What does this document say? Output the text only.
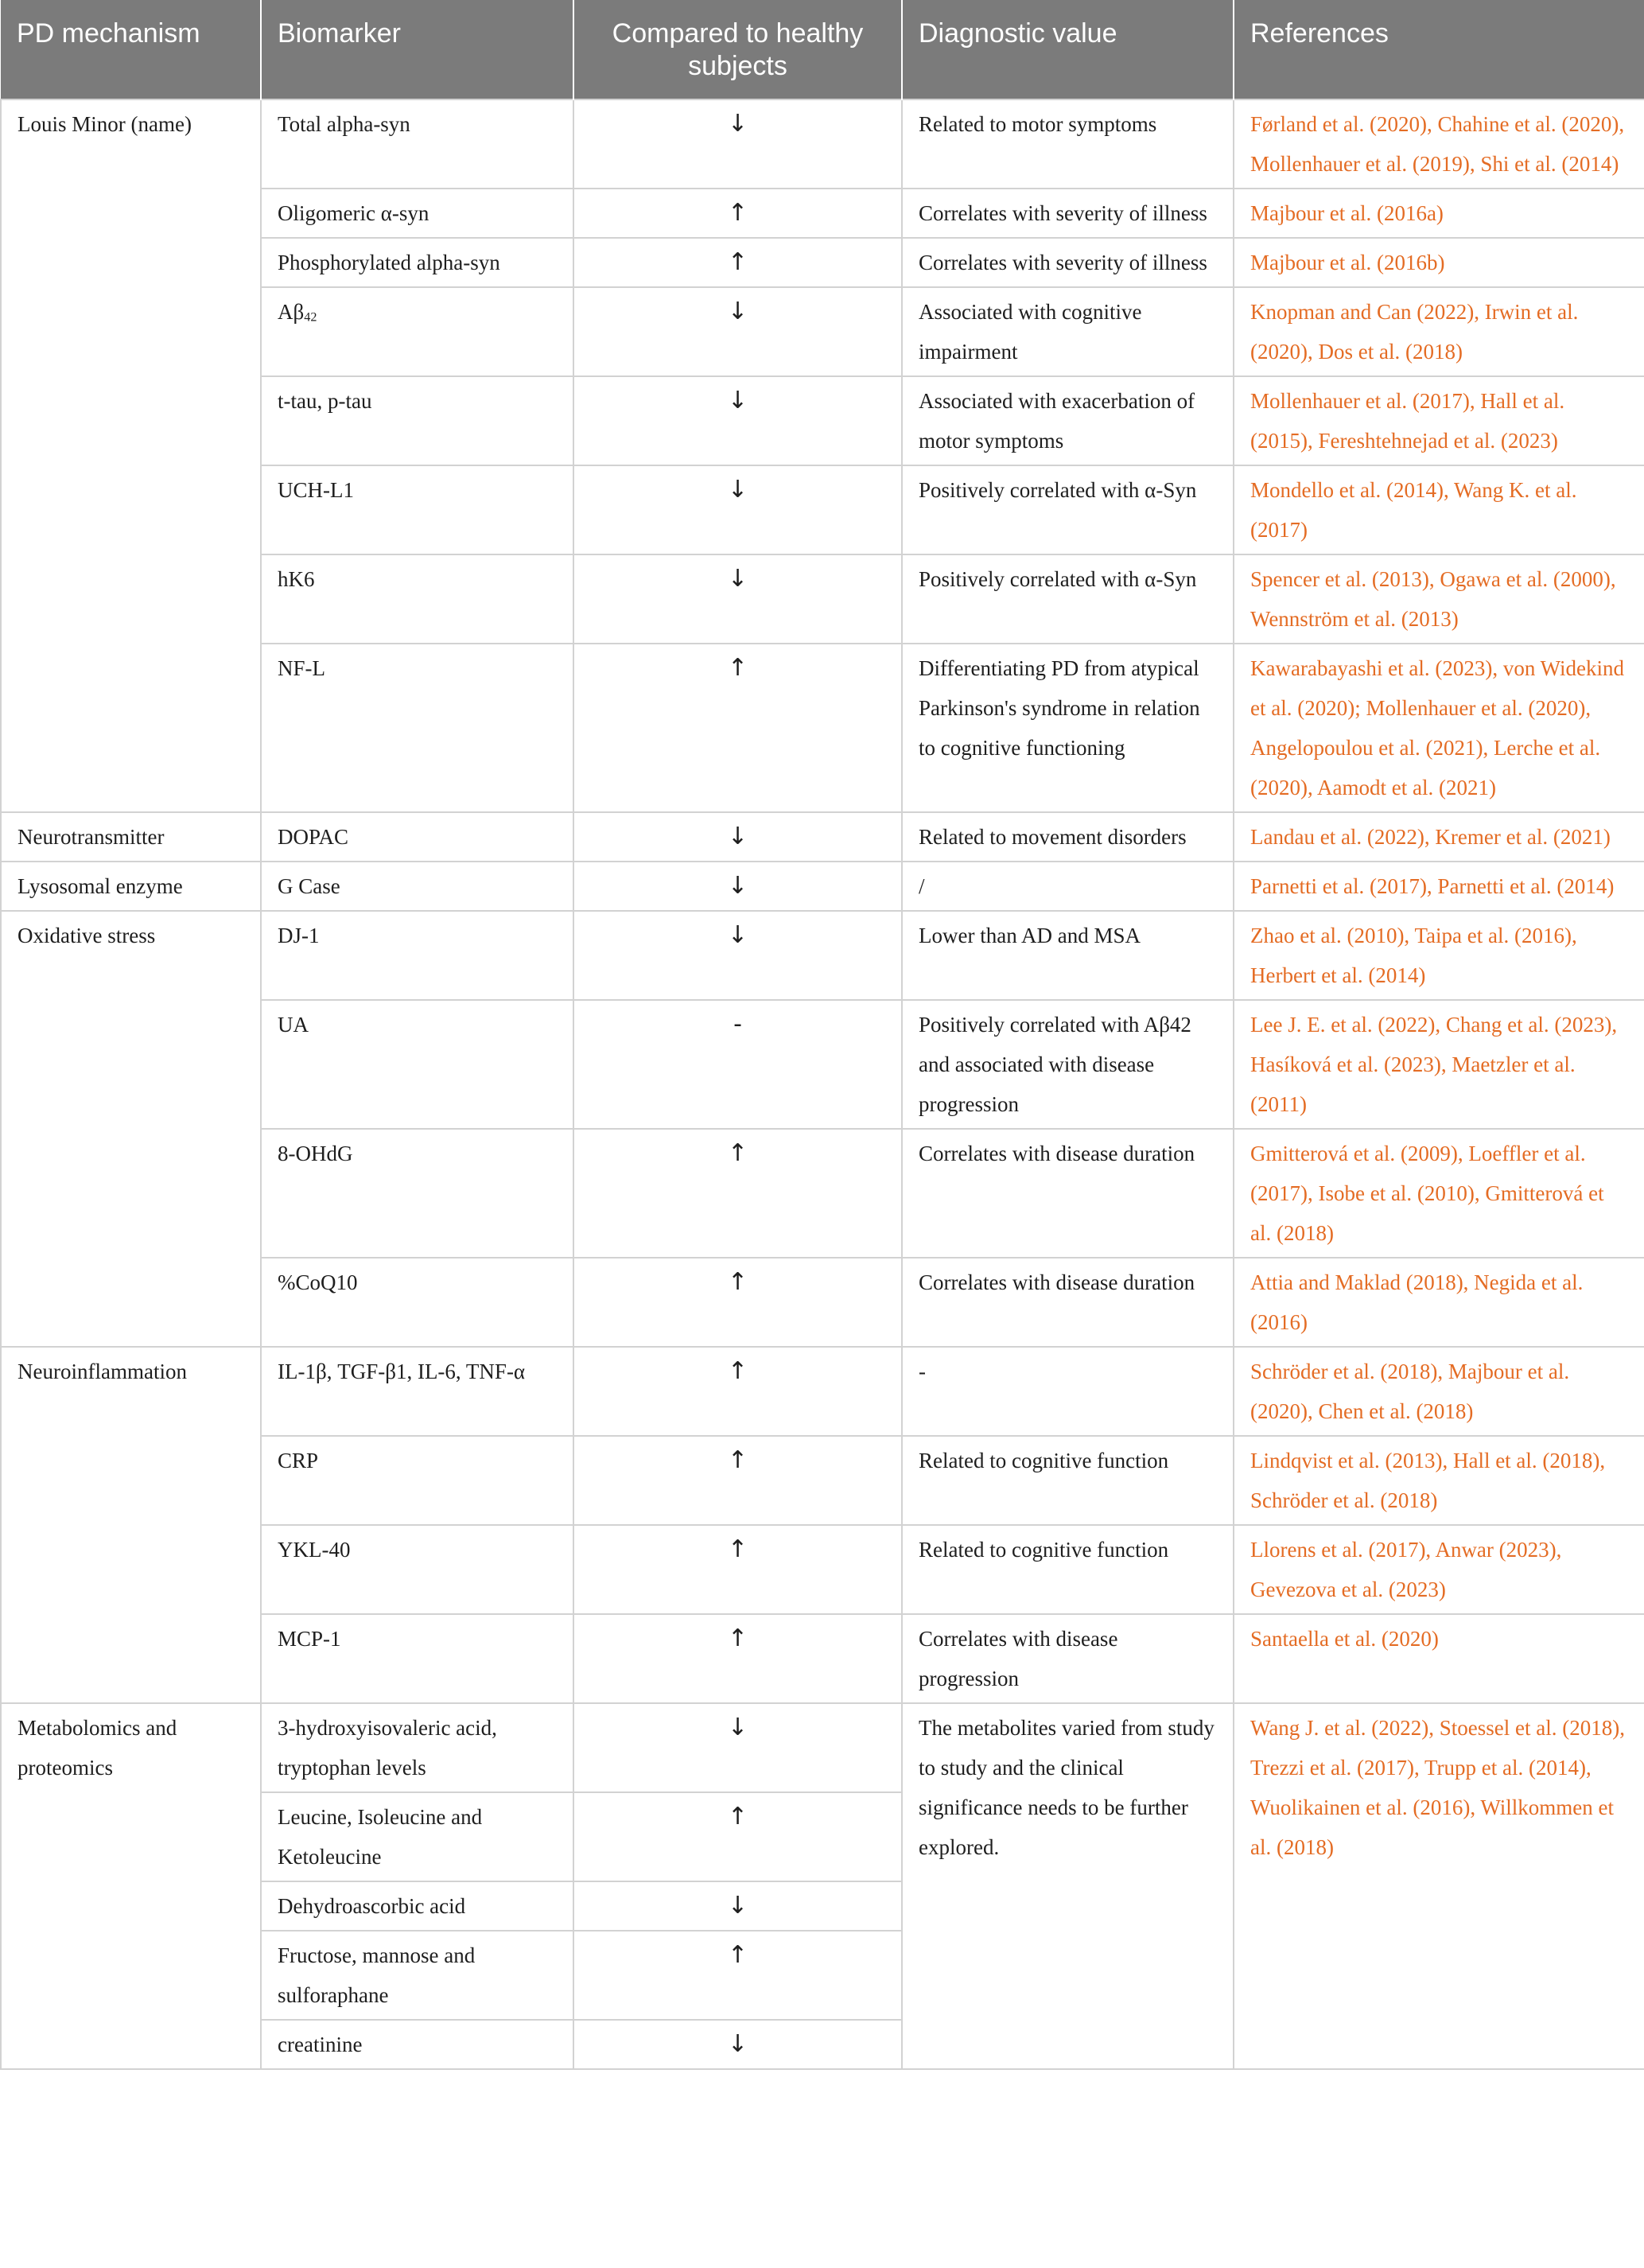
PD mechanism	Biomarker	Compared to healthy subjects	Diagnostic value	References
Louis Minor (name)	Total alpha-syn	↓	Related to motor symptoms	Førland et al. (2020), Chahine et al. (2020), Mollenhauer et al. (2019), Shi et al. (2014)
	Oligomeric α-syn	↑	Correlates with severity of illness	Majbour et al. (2016a)
	Phosphorylated alpha-syn	↑	Correlates with severity of illness	Majbour et al. (2016b)
	$A\beta_{42}$	↓	Associated with cognitive impairment	Knopman and Can (2022), Irwin et al. (2020), Dos et al. (2018)
	t-tau, p-tau	↓	Associated with exacerbation of motor symptoms	Mollenhauer et al. (2017), Hall et al. (2015), Fereshtehnejad et al. (2023)
	UCH-L1	↓	Positively correlated with α-Syn	Mondello et al. (2014), Wang K. et al. (2017)
	hK6	↓	Positively correlated with α-Syn	Spencer et al. (2013), Ogawa et al. (2000), Wennström et al. (2013)
	NF-L	↑	Differentiating PD from atypical Parkinson's syndrome in relation to cognitive functioning	Kawarabayashi et al. (2023), von Widekind et al. (2020); Mollenhauer et al. (2020), Angelopoulou et al. (2021), Lerche et al. (2020), Aamodt et al. (2021)
Neurotransmitter	DOPAC	↓	Related to movement disorders	Landau et al. (2022), Kremer et al. (2021)
Lysosomal enzyme	G Case	↓	/	Parnetti et al. (2017), Parnetti et al. (2014)
Oxidative stress	DJ-1	↓	Lower than AD and MSA	Zhao et al. (2010), Taipa et al. (2016), Herbert et al. (2014)
	UA	-	Positively correlated with Aβ42 and associated with disease progression	Lee J. E. et al. (2022), Chang et al. (2023), Hasíková et al. (2023), Maetzler et al. (2011)
	8-OHdG	↑	Correlates with disease duration	Gmitterová et al. (2009), Loeffler et al. (2017), Isobe et al. (2010), Gmitterová et al. (2018)
	%CoQ10	↑	Correlates with disease duration	Attia and Maklad (2018), Negida et al. (2016)
Neuroinflammation	IL-1β, TGF-β1, IL-6, TNF-α	↑	-	Schröder et al. (2018), Majbour et al. (2020), Chen et al. (2018)
	CRP	↑	Related to cognitive function	Lindqvist et al. (2013), Hall et al. (2018), Schröder et al. (2018)
	YKL-40	↑	Related to cognitive function	Llorens et al. (2017), Anwar (2023), Gevezova et al. (2023)
	MCP-1	↑	Correlates with disease progression	Santaella et al. (2020)
Metabolomics and proteomics	3-hydroxyisovaleric acid, tryptophan levels	↓	The metabolites varied from study to study and the clinical significance needs to be further explored.	Wang J. et al. (2022), Stoessel et al. (2018), Trezzi et al. (2017), Trupp et al. (2014), Wuolikainen et al. (2016), Willkommen et al. (2018)
	Leucine, Isoleucine and Ketoleucine	↑		
	Dehydroascorbic acid	↓		
	Fructose, mannose and sulforaphane	↑		
	creatinine	↓		
